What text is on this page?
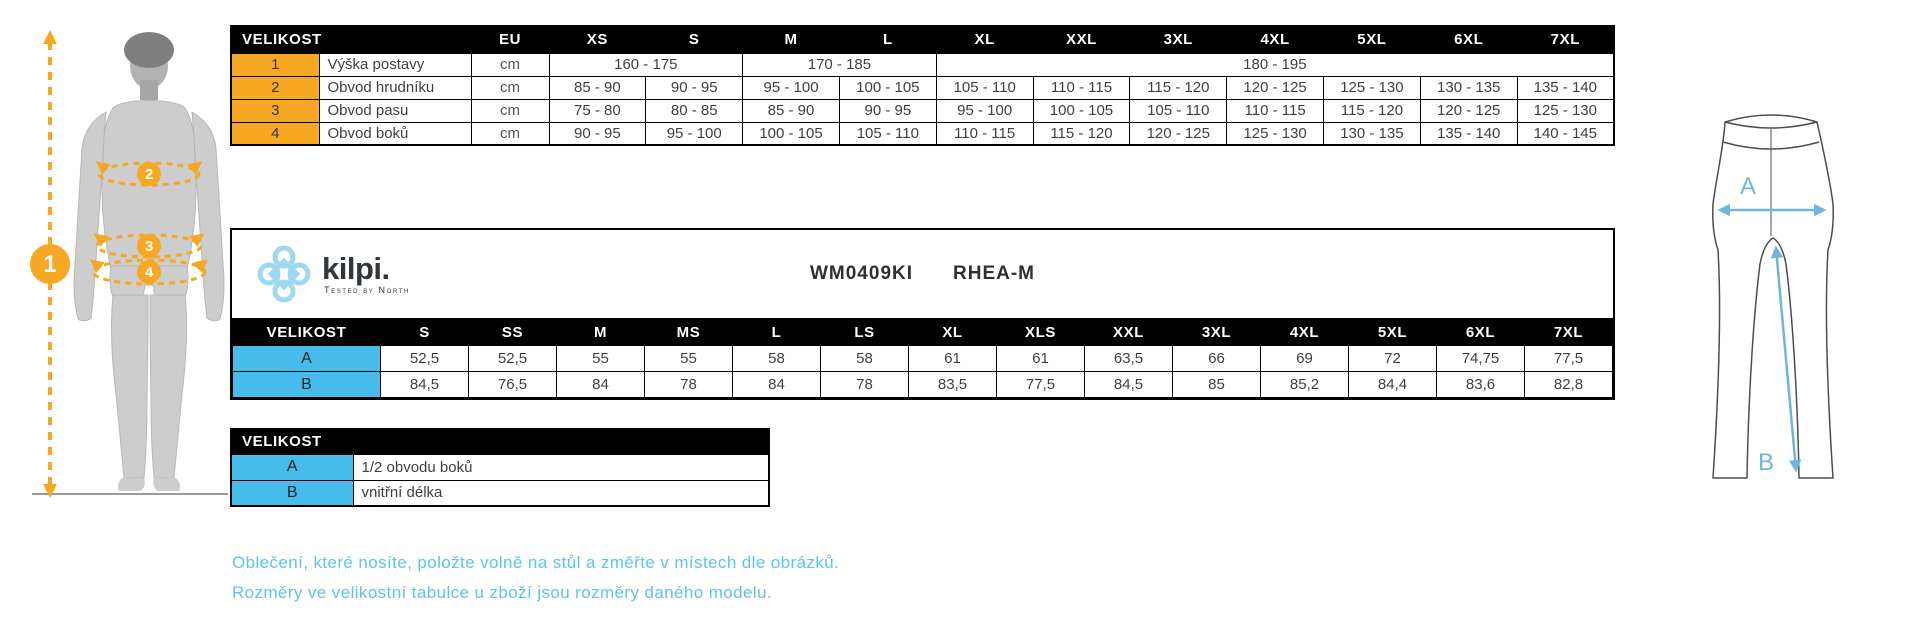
1
2
3
4
VELIKOST		EU	XS	S	M	L	XL	XXL	3XL	4XL	5XL	6XL	7XL
1	Výška postavy	cm	160 - 175		170 - 185		180 - 195						
2	Obvod hrudníku	cm	85 - 90	90 - 95	95 - 100	100 - 105	105 - 110	110 - 115	115 - 120	120 - 125	125 - 130	130 - 135	135 - 140
3	Obvod pasu	cm	75 - 80	80 - 85	85 - 90	90 - 95	95 - 100	100 - 105	105 - 110	110 - 115	115 - 120	120 - 125	125 - 130
4	Obvod boků	cm	90 - 95	95 - 100	100 - 105	105 - 110	110 - 115	115 - 120	120 - 125	125 - 130	130 - 135	135 - 140	140 - 145
kilpi.
Tested by North
WM0409KI RHEA-M
VELIKOST	S	SS	M	MS	L	LS	XL	XLS	XXL	3XL	4XL	5XL	6XL	7XL
A	52,5	52,5	55	55	58	58	61	61	63,5	66	69	72	74,75	77,5
B	84,5	76,5	84	78	84	78	83,5	77,5	84,5	85	85,2	84,4	83,6	82,8
VELIKOST	
A	1/2 obvodu boků
B	vnitřní délka
Oblečení, které nosíte, položte volně na stůl a změřte v místech dle obrázků.
Rozměry ve velikostní tabulce u zboží jsou rozměry daného modelu.
A
B
